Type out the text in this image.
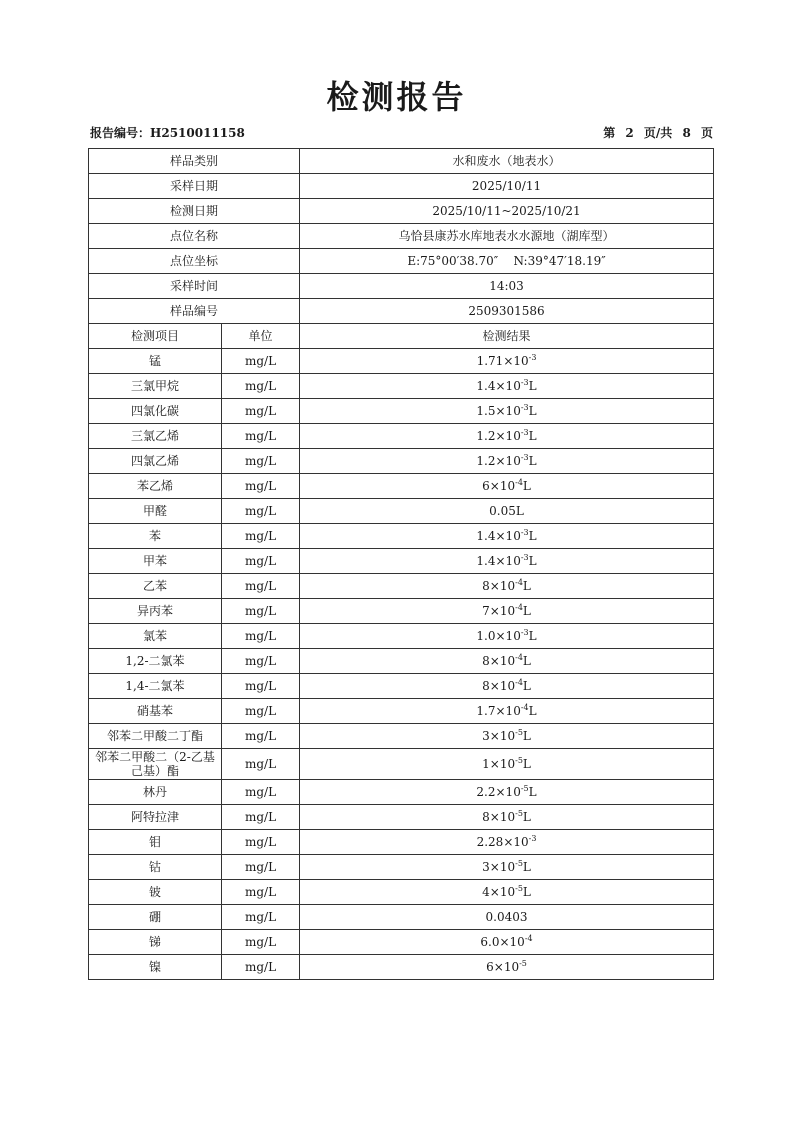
检测报告
报告编号：H2510011158	第 2 页/共 8 页
样品类别		水和废水（地表水）
采样日期		2025/10/11
检测日期		2025/10/11~2025/10/21
点位名称		乌恰县康苏水库地表水水源地（湖库型）
点位坐标		E:75°00′38.70″    N:39°47′18.19″
采样时间		14:03
样品编号		2509301586
检测项目	单位	检测结果
锰	mg/L	$1.71\times 10^{-3}$
三氯甲烷	mg/L	$1.4\times 10^{-3}L$
四氯化碳	mg/L	$1.5\times 10^{-3}L$
三氯乙烯	mg/L	$1.2\times 10^{-3}L$
四氯乙烯	mg/L	$1.2\times 10^{-3}L$
苯乙烯	mg/L	$6\times 10^{-4}L$
甲醛	mg/L	0.05L
苯	mg/L	$1.4\times 10^{-3}L$
甲苯	mg/L	$1.4\times 10^{-3}L$
乙苯	mg/L	$8\times 10^{-4}L$
异丙苯	mg/L	$7\times 10^{-4}L$
氯苯	mg/L	$1.0\times 10^{-3}L$
1,2-二氯苯	mg/L	$8\times 10^{-4}L$
1,4-二氯苯	mg/L	$8\times 10^{-4}L$
硝基苯	mg/L	$1.7\times 10^{-4}L$
邻苯二甲酸二丁酯	mg/L	$3\times 10^{-5}L$
邻苯二甲酸二（2-乙基己基）酯	mg/L	$1\times 10^{-5}L$
林丹	mg/L	$2.2\times 10^{-5}L$
阿特拉津	mg/L	$8\times 10^{-5}L$
钼	mg/L	$2.28\times 10^{-3}$
钴	mg/L	$3\times 10^{-5}L$
铍	mg/L	$4\times 10^{-5}L$
硼	mg/L	0.0403
锑	mg/L	$6.0\times 10^{-4}$
镍	mg/L	$6\times 10^{-5}$
